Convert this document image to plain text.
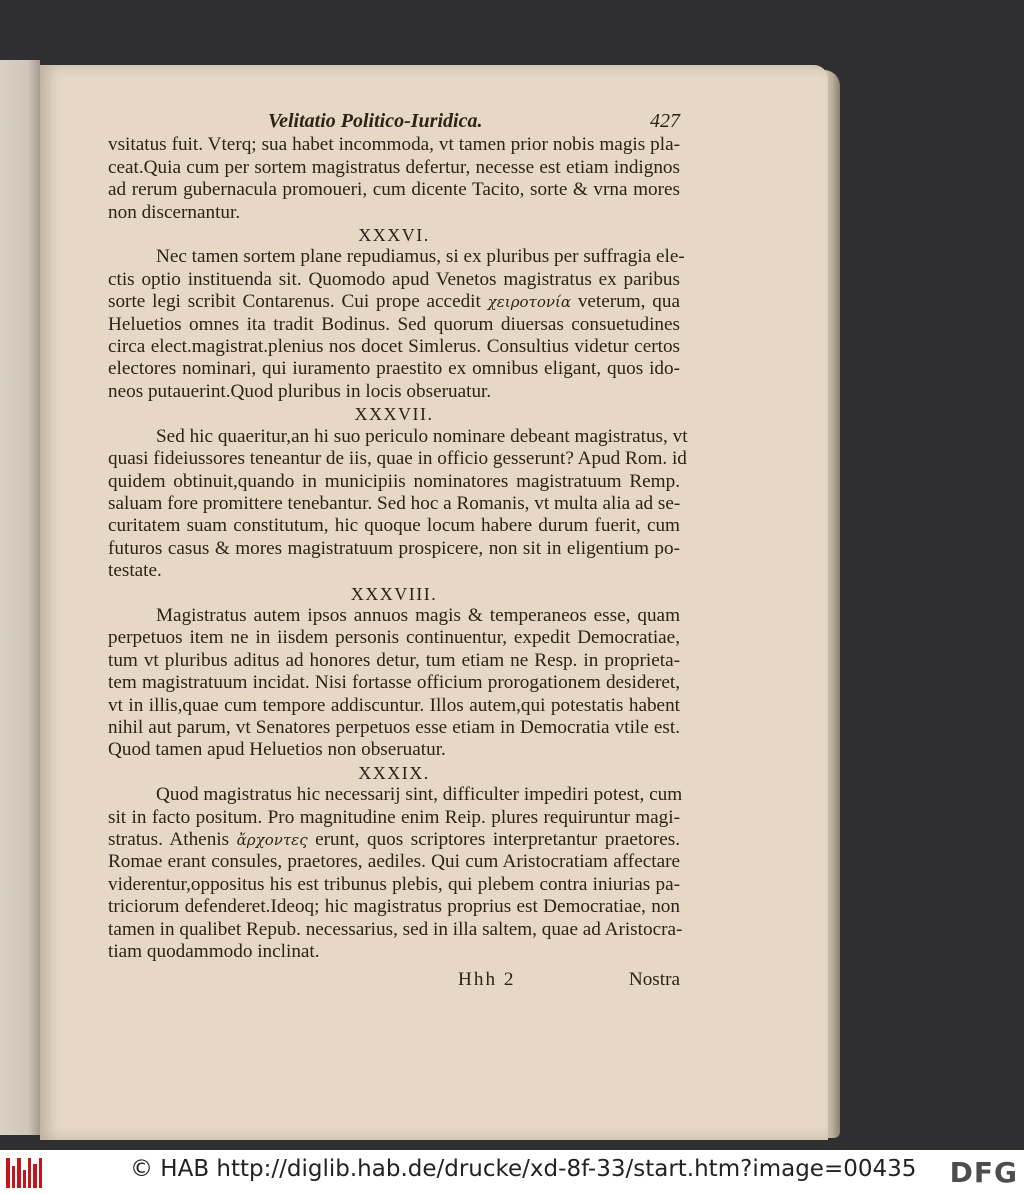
Velitatio Politico-Iuridica.	427
vsitatus fuit. Vterq; sua habet incommoda, vt tamen prior nobis magis pla-
ceat.Quia cum per sortem magistratus defertur, necesse est etiam indignos
ad rerum gubernacula promoueri, cum dicente Tacito, sorte & vrna mores
non discernantur.
XXXVI.
Nec tamen sortem plane repudiamus, si ex pluribus per suffragia ele-
ctis optio instituenda sit. Quomodo apud Venetos magistratus ex paribus
sorte legi scribit Contarenus. Cui prope accedit χειροτονία veterum, qua
Heluetios omnes ita tradit Bodinus. Sed quorum diuersas consuetudines
circa elect.magistrat.plenius nos docet Simlerus. Consultius videtur certos
electores nominari, qui iuramento praestito ex omnibus eligant, quos ido-
neos putauerint.Quod pluribus in locis obseruatur.
XXXVII.
Sed hic quaeritur,an hi suo periculo nominare debeant magistratus, vt
quasi fideiussores teneantur de iis, quae in officio gesserunt? Apud Rom. id
quidem obtinuit,quando in municipiis nominatores magistratuum Remp.
saluam fore promittere tenebantur. Sed hoc a Romanis, vt multa alia ad se-
curitatem suam constitutum, hic quoque locum habere durum fuerit, cum
futuros casus & mores magistratuum prospicere, non sit in eligentium po-
testate.
XXXVIII.
Magistratus autem ipsos annuos magis & temperaneos esse, quam
perpetuos item ne in iisdem personis continuentur, expedit Democratiae,
tum vt pluribus aditus ad honores detur, tum etiam ne Resp. in proprieta-
tem magistratuum incidat. Nisi fortasse officium prorogationem desideret,
vt in illis,quae cum tempore addiscuntur. Illos autem,qui potestatis habent
nihil aut parum, vt Senatores perpetuos esse etiam in Democratia vtile est.
Quod tamen apud Heluetios non obseruatur.
XXXIX.
Quod magistratus hic necessarij sint, difficulter impediri potest, cum
sit in facto positum. Pro magnitudine enim Reip. plures requiruntur magi-
stratus. Athenis ἄρχοντες erunt, quos scriptores interpretantur praetores.
Romae erant consules, praetores, aediles. Qui cum Aristocratiam affectare
viderentur,oppositus his est tribunus plebis, qui plebem contra iniurias pa-
triciorum defenderet.Ideoq; hic magistratus proprius est Democratiae, non
tamen in qualibet Repub. necessarius, sed in illa saltem, quae ad Aristocra-
tiam quodammodo inclinat.
Hhh 2	Nostra
© HAB http://diglib.hab.de/drucke/xd-8f-33/start.htm?image=00435 DFG
